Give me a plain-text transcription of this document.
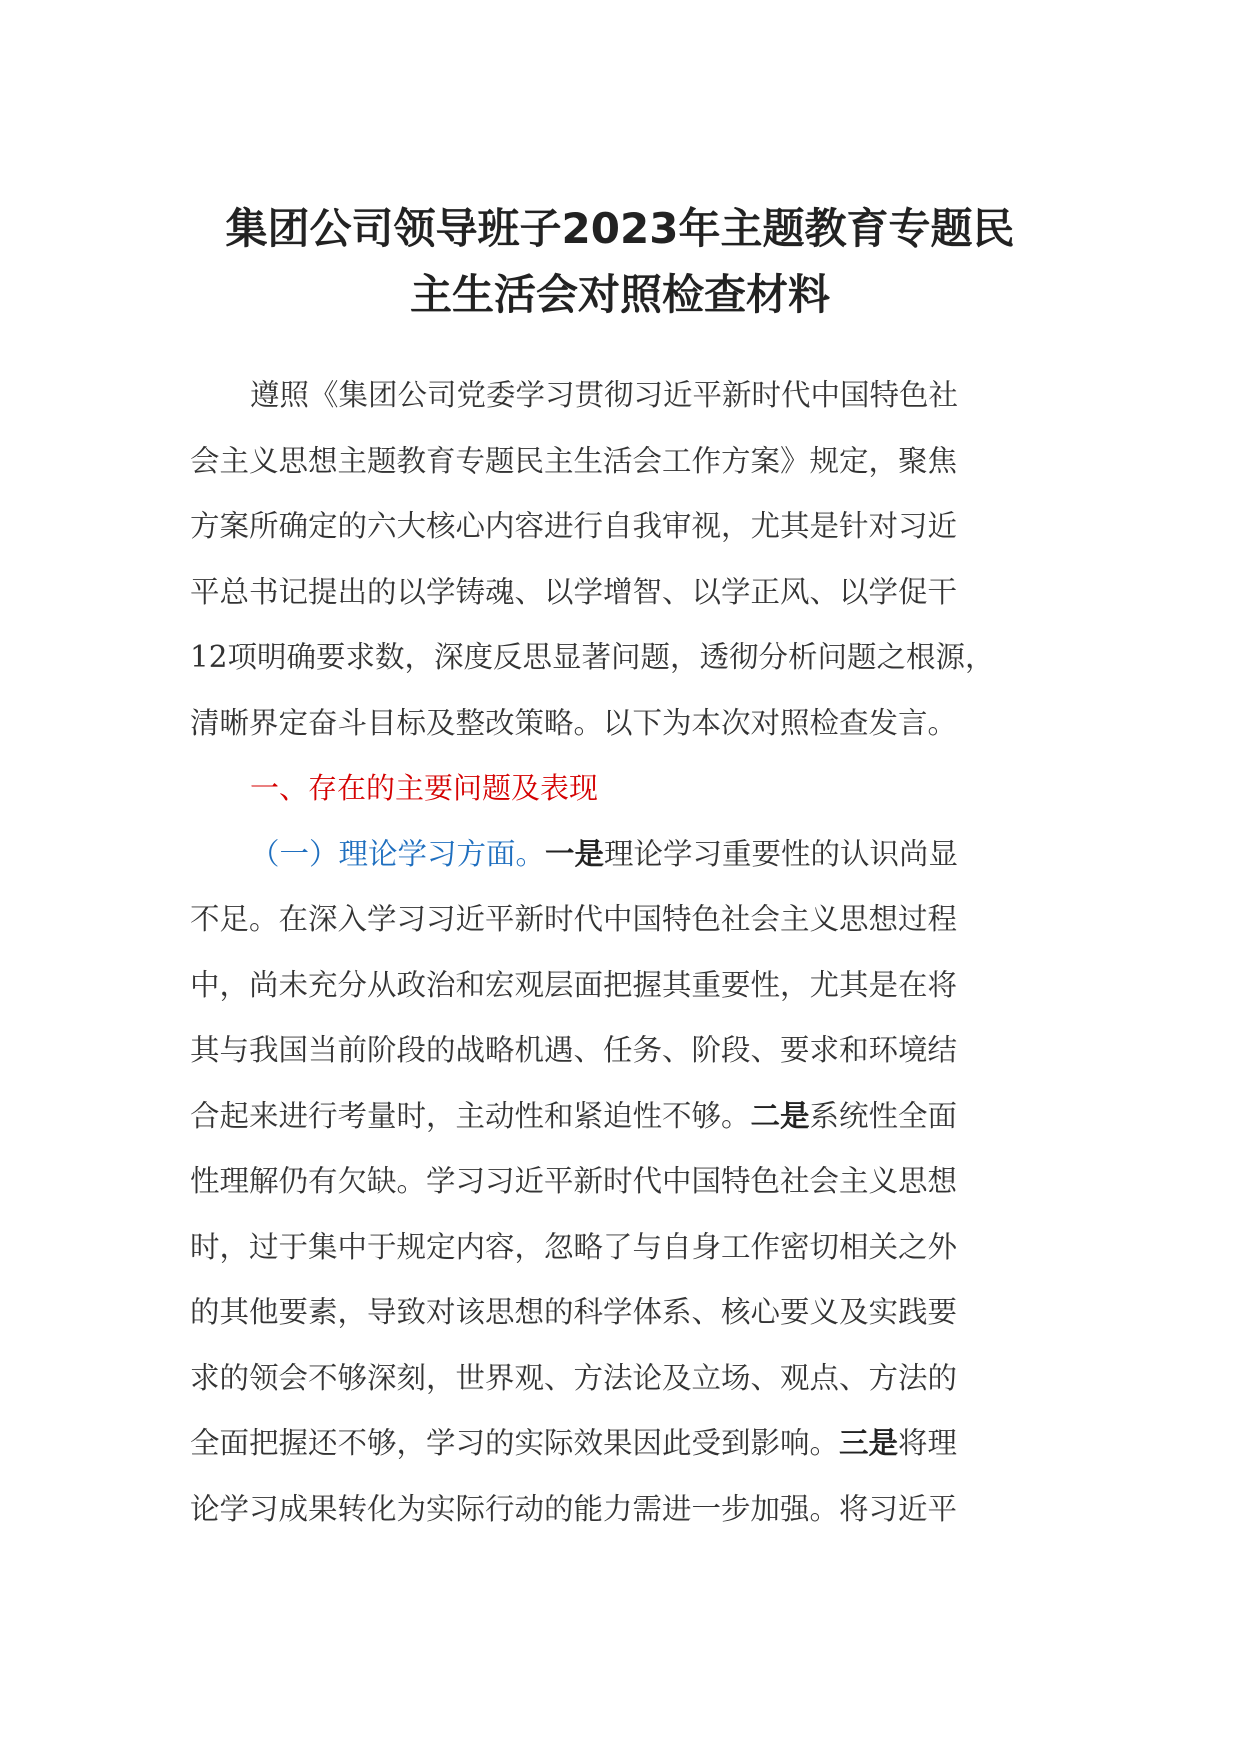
集团公司领导班子2023年主题教育专题民
主生活会对照检查材料
遵照《集团公司党委学习贯彻习近平新时代中国特色社
会主义思想主题教育专题民主生活会工作方案》规定，聚焦
方案所确定的六大核心内容进行自我审视，尤其是针对习近
平总书记提出的以学铸魂、以学增智、以学正风、以学促干
12项明确要求数，深度反思显著问题，透彻分析问题之根源，
清晰界定奋斗目标及整改策略。以下为本次对照检查发言。
一、存在的主要问题及表现
（一）理论学习方面。一是理论学习重要性的认识尚显
不足。在深入学习习近平新时代中国特色社会主义思想过程
中，尚未充分从政治和宏观层面把握其重要性，尤其是在将
其与我国当前阶段的战略机遇、任务、阶段、要求和环境结
合起来进行考量时，主动性和紧迫性不够。二是系统性全面
性理解仍有欠缺。学习习近平新时代中国特色社会主义思想
时，过于集中于规定内容，忽略了与自身工作密切相关之外
的其他要素，导致对该思想的科学体系、核心要义及实践要
求的领会不够深刻，世界观、方法论及立场、观点、方法的
全面把握还不够，学习的实际效果因此受到影响。三是将理
论学习成果转化为实际行动的能力需进一步加强。将习近平
